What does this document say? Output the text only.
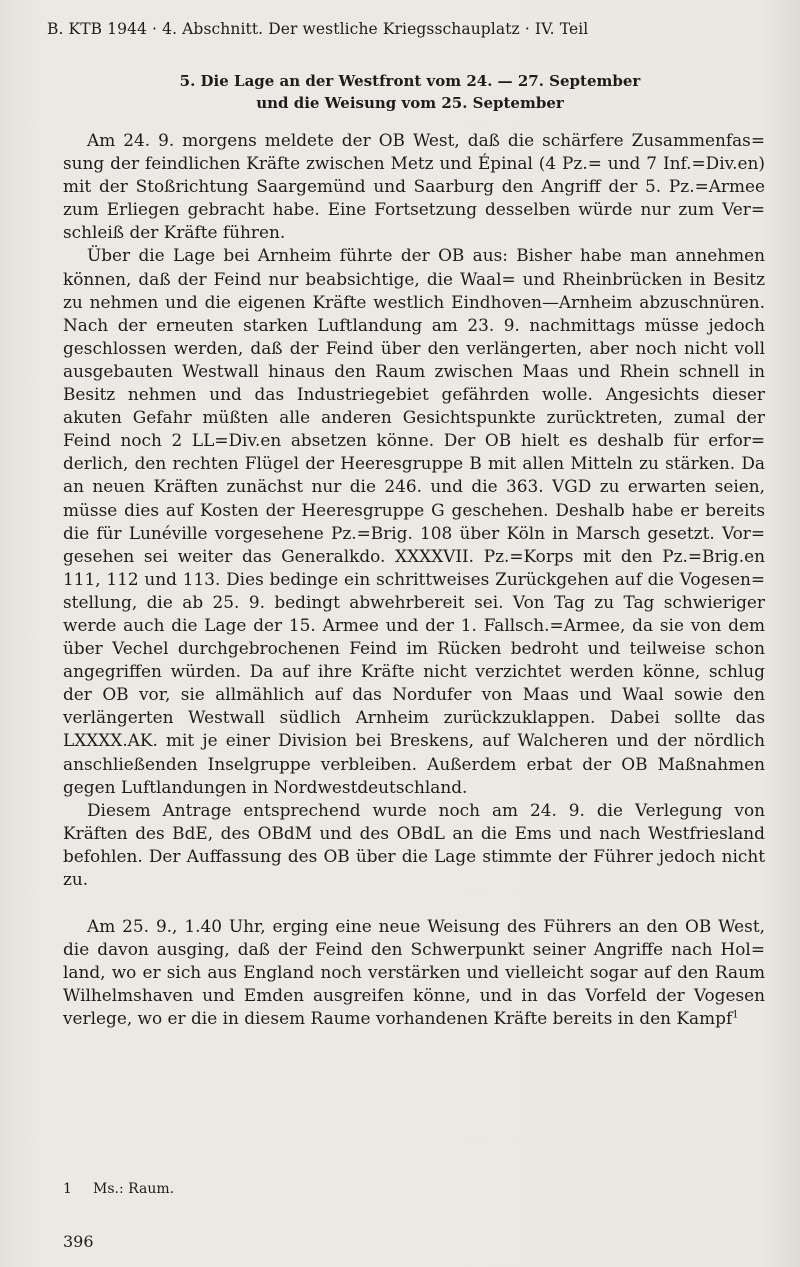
B. KTB 1944 · 4. Abschnitt. Der westliche Kriegsschauplatz · IV. Teil
5. Die Lage an der Westfront vom 24. — 27. September
und die Weisung vom 25. September

Am 24. 9. morgens meldete der OB West, daß die schärfere Zusammenfas= sung der feindlichen Kräfte zwischen Metz und Épinal (4 Pz.= und 7 Inf.=Div.en) mit der Stoßrichtung Saargemünd und Saarburg den Angriff der 5. Pz.=Armee zum Erliegen gebracht habe. Eine Fortsetzung desselben würde nur zum Ver= schleiß der Kräfte führen.

Über die Lage bei Arnheim führte der OB aus: Bisher habe man annehmen können, daß der Feind nur beabsichtige, die Waal= und Rheinbrücken in Besitz zu nehmen und die eigenen Kräfte westlich Eindhoven—Arnheim abzuschnüren. Nach der erneuten starken Luftlandung am 23. 9. nachmittags müsse jedoch geschlossen werden, daß der Feind über den verlängerten, aber noch nicht voll ausgebauten Westwall hinaus den Raum zwischen Maas und Rhein schnell in Besitz nehmen und das Industriegebiet gefährden wolle. Angesichts dieser akuten Gefahr müßten alle anderen Gesichtspunkte zurücktreten, zumal der Feind noch 2 LL=Div.en absetzen könne. Der OB hielt es deshalb für erfor= derlich, den rechten Flügel der Heeresgruppe B mit allen Mitteln zu stärken. Da an neuen Kräften zunächst nur die 246. und die 363. VGD zu erwarten seien, müsse dies auf Kosten der Heeresgruppe G geschehen. Deshalb habe er bereits die für Lunéville vorgesehene Pz.=Brig. 108 über Köln in Marsch gesetzt. Vor= gesehen sei weiter das Generalkdo. XXXXVII. Pz.=Korps mit den Pz.=Brig.en 111, 112 und 113. Dies bedinge ein schrittweises Zurückgehen auf die Vogesen= stellung, die ab 25. 9. bedingt abwehrbereit sei. Von Tag zu Tag schwieriger werde auch die Lage der 15. Armee und der 1. Fallsch.=Armee, da sie von dem über Vechel durchgebrochenen Feind im Rücken bedroht und teilweise schon angegriffen würden. Da auf ihre Kräfte nicht verzichtet werden könne, schlug der OB vor, sie allmählich auf das Nordufer von Maas und Waal sowie den verlängerten Westwall südlich Arnheim zurückzuklappen. Dabei sollte das LXXXX.AK. mit je einer Division bei Breskens, auf Walcheren und der nördlich anschließenden Inselgruppe verbleiben. Außerdem erbat der OB Maßnahmen gegen Luftlandungen in Nordwestdeutschland.

Diesem Antrage entsprechend wurde noch am 24. 9. die Verlegung von Kräften des BdE, des OBdM und des OBdL an die Ems und nach Westfriesland befohlen. Der Auffassung des OB über die Lage stimmte der Führer jedoch nicht zu.

Am 25. 9., 1.40 Uhr, erging eine neue Weisung des Führers an den OB West, die davon ausging, daß der Feind den Schwerpunkt seiner Angriffe nach Hol= land, wo er sich aus England noch verstärken und vielleicht sogar auf den Raum Wilhelmshaven und Emden ausgreifen könne, und in das Vorfeld der Vogesen verlege, wo er die in diesem Raume vorhandenen Kräfte bereits in den Kampf$^1$

1 Ms.: Raum.
396
